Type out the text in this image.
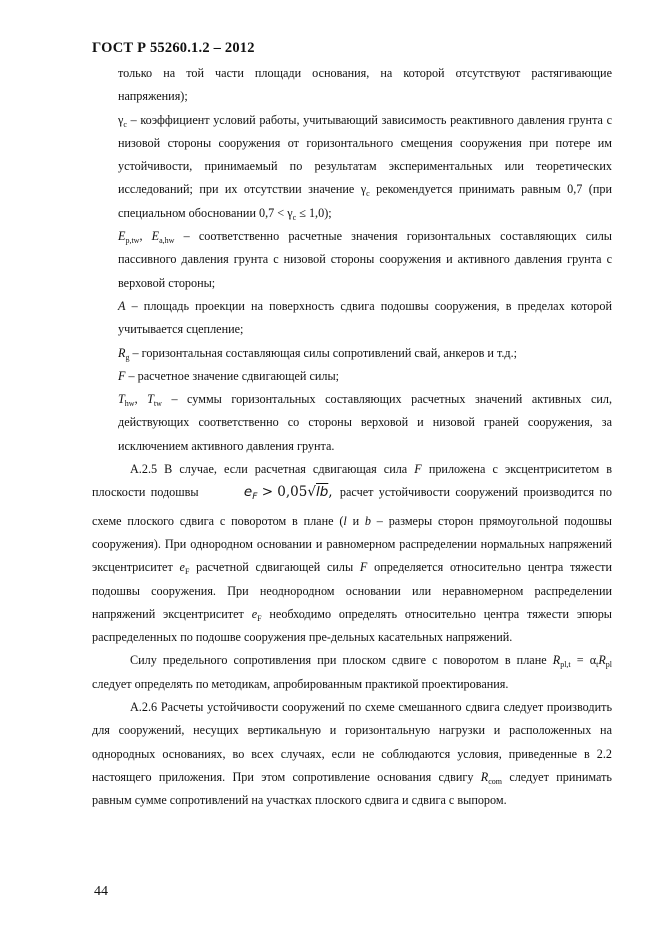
ГОСТ Р 55260.1.2 – 2012

только на той части площади основания, на которой отсутствуют растягивающие напряжения);

$\gamma_c$ – коэффициент условий работы, учитывающий зависимость реактивного давления грунта с низовой стороны сооружения от горизонтального смещения сооружения при потере им устойчивости, принимаемый по результатам экспериментальных или теоретических исследований; при их отсутствии значение $\gamma_c$ рекомендуется принимать равным 0,7 (при специальном обосновании $0,7 < \gamma_c \le 1,0$);

$E_{p,tw}$, $E_{a,hw}$ – соответственно расчетные значения горизонтальных составляющих силы пассивного давления грунта с низовой стороны сооружения и активного давления грунта с верховой стороны;

A – площадь проекции на поверхность сдвига подошвы сооружения, в пределах которой учитывается сцепление;

$R_g$ – горизонтальная составляющая силы сопротивлений свай, анкеров и т.д.;

F – расчетное значение сдвигающей силы;

$T_{hw}$, $T_{tw}$ – суммы горизонтальных составляющих расчетных значений активных сил, действующих соответственно со стороны верховой и низовой граней сооружения, за исключением активного давления грунта.

А.2.5 В случае, если расчетная сдвигающая сила F приложена с эксцентриситетом в плоскости подошвы	$e_F > 0,05√lb$, расчет устойчивости сооружений производится по схеме плоского сдвига с поворотом в плане (l и b – размеры сторон прямоугольной подошвы сооружения). При однородном основании и равномерном распределении нормальных напряжений эксцентриситет $e_F$ расчетной сдвигающей силы F определяется относительно центра тяжести подошвы сооружения. При неоднородном основании или неравномерном распределении напряжений эксцентриситет $e_F$ необходимо определять относительно центра тяжести эпюры распределенных по подошве сооружения пре-дельных касательных напряжений.

Силу предельного сопротивления при плоском сдвиге с поворотом в плане $R_{pl,t} = \alpha_tR_{pl}$ следует определять по методикам, апробированным практикой проектирования.

А.2.6 Расчеты устойчивости сооружений по схеме смешанного сдвига следует производить для сооружений, несущих вертикальную и горизонтальную нагрузки и расположенных на однородных основаниях, во всех случаях, если не соблюдаются условия, приведенные в 2.2 настоящего приложения. При этом сопротивление основания сдвигу $R_{com}$ следует принимать равным сумме сопротивлений на участках плоского сдвига и сдвига с выпором.

44
